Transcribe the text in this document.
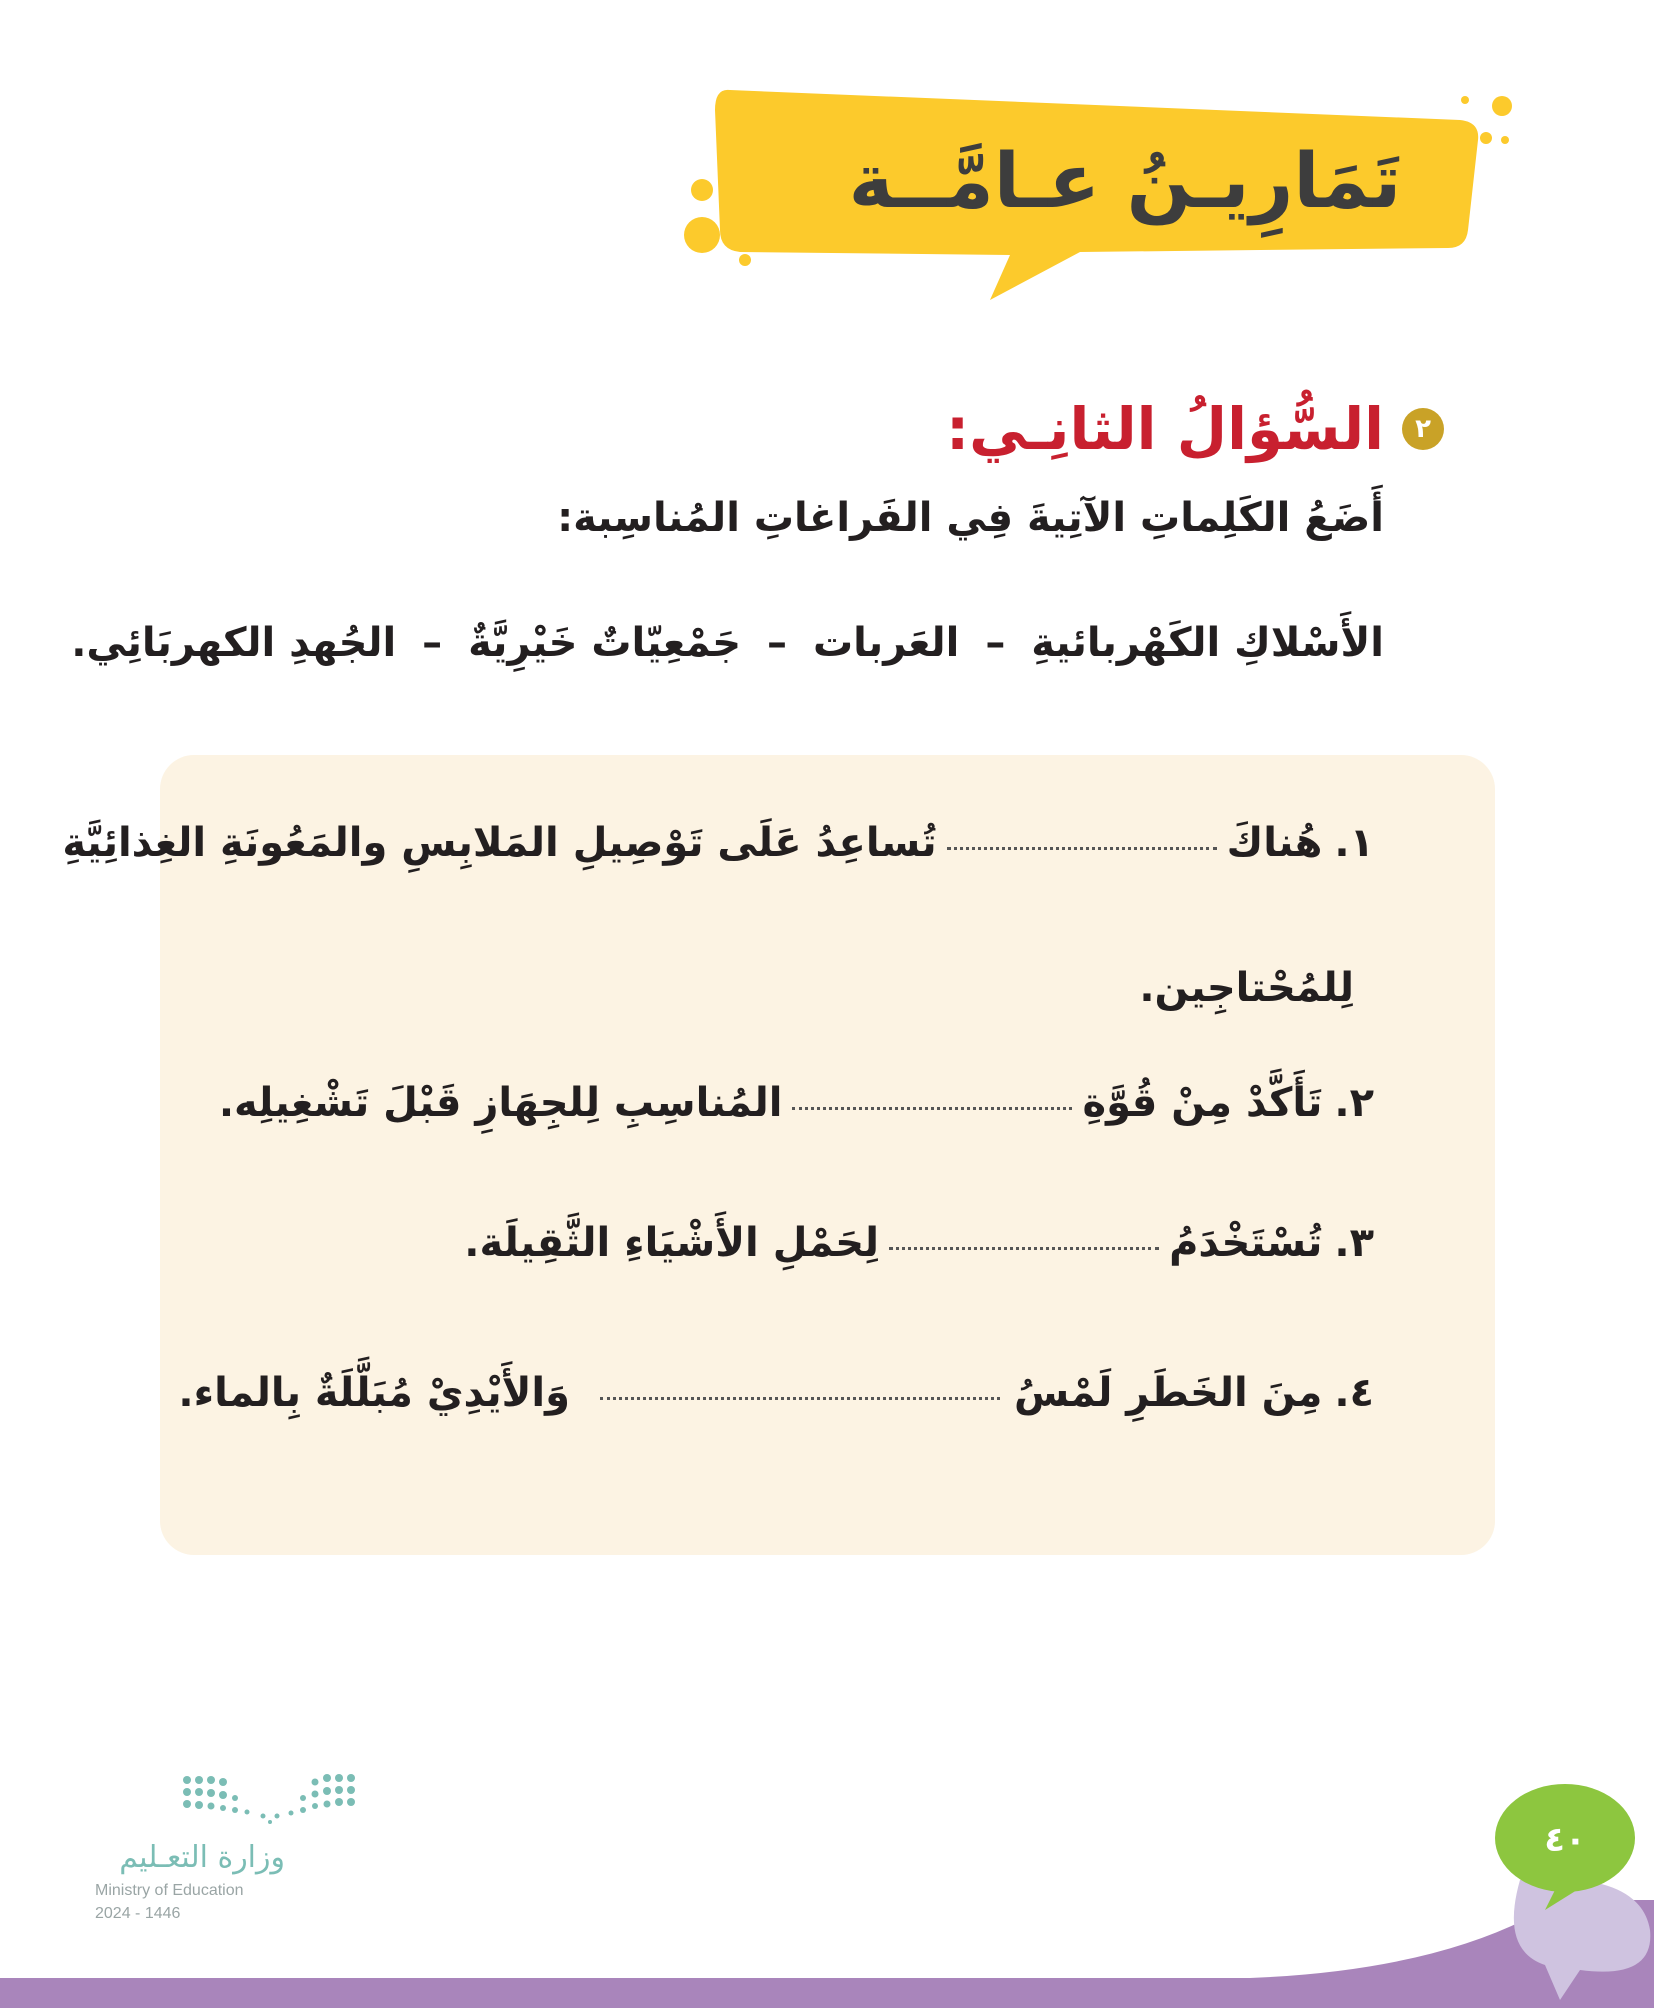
تَمَارِيـنُ عـامَّــة
٢
السُّؤالُ الثانِـي:
أَضَعُ الكَلِماتِ الآتِيةَ فِي الفَراغاتِ المُناسِبة:
الأَسْلاكِ الكَهْربائيةِ – العَربات – جَمْعِيّاتٌ خَيْرِيَّةٌ – الجُهدِ الكهربَائِي.
١.
هُناكَ
تُساعِدُ عَلَى تَوْصِيلِ المَلابِسِ والمَعُونَةِ الغِذائِيَّةِ
لِلمُحْتاجِين.
٢.
تَأَكَّدْ مِنْ قُوَّةِ
المُناسِبِ لِلجِهَازِ قَبْلَ تَشْغِيلِه.
٣.
تُسْتَخْدَمُ
لِحَمْلِ الأَشْيَاءِ الثَّقِيلَة.
٤.
مِنَ الخَطَرِ لَمْسُ
وَالأَيْدِيْ مُبَلَّلَةٌ بِالماء.
وزارة التعـليم
Ministry of Education
2024 - 1446
٤٠
